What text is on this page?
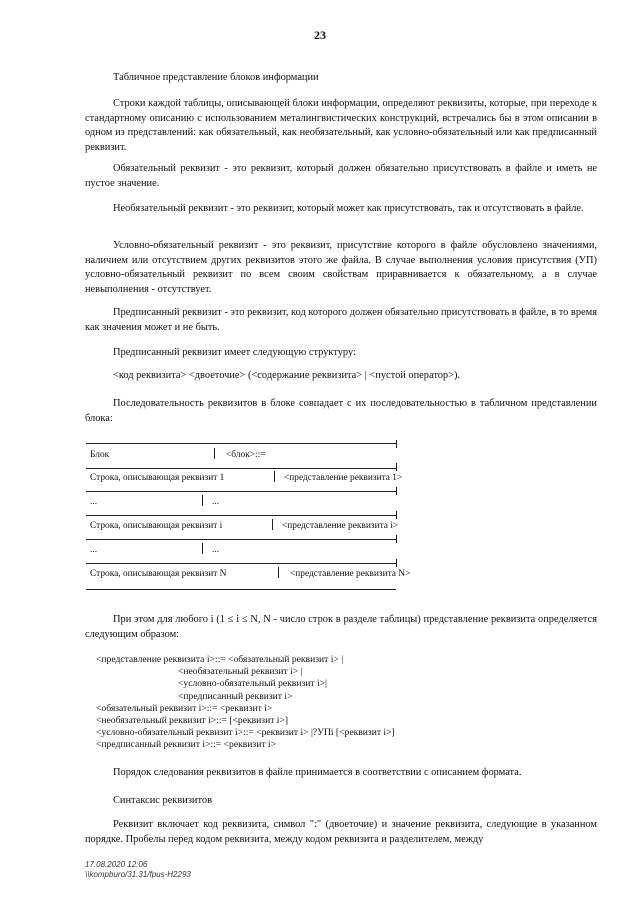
23
Табличное представление блоков информации
Строки каждой таблицы, описывающей блоки информации, определяют реквизиты, которые, при переходе к стандартному описанию с использованием металингвистических конструкций, встречались бы в этом описании в одном из представлений: как обязательный, как необязательный, как условно-обязательный или как предписанный реквизит.
Обязательный реквизит - это реквизит, который должен обязательно присутствовать в файле и иметь не пустое значение.
Необязательный реквизит - это реквизит, который может как присутствовать, так и отсутствовать в файле.
Условно-обязательный реквизит - это реквизит, присутствие которого в файле обусловлено значениями, наличием или отсутствием других реквизитов этого же файла. В случае выполнения условия присутствия (УП) условно-обязательный реквизит по всем своим свойствам приравнивается к обязательному, а в случае невыполнения - отсутствует.
Предписанный реквизит - это реквизит, код которого должен обязательно присутствовать в файле, в то время как значения может и не быть.
Предписанный реквизит имеет следующую структуру:
<код реквизита> <двоеточие> (<содержание реквизита> | <пустой оператор>).
Последовательность реквизитов в блоке совпадает с их последовательностью в табличном представлении блока:
Блок	<блок>::=
Строка, описывающая реквизит 1	<представление реквизита 1>
...	...
Строка, описывающая реквизит i	<представление реквизита i>
...	...
Строка, описывающая реквизит N	<представление реквизита N>
При этом для любого i (1 ≤ i ≤ N, N - число строк в разделе таблицы) представление реквизита определяется следующим образом:
<представление реквизита i>::= <обязательный реквизит i> |
<необязательный реквизит i> |
<условно-обязательный реквизит i>|
<предписанный реквизит i>
<обязательный реквизит i>::= <реквизит i>
<необязательный реквизит i>::= [<реквизит i>]
<условно-обязательный реквизит i>::= <реквизит i> |?УПi [<реквизит i>]
<предписанный реквизит i>::= <реквизит i>
Порядок следования реквизитов в файле принимается в соответствии с описанием формата.
Синтаксис реквизитов
Реквизит включает код реквизита, символ ":" (двоеточие) и значение реквизита, следующие в указанном порядке. Пробелы перед кодом реквизита, между кодом реквизита и разделителем, между
17.08.2020 12:06
\\kompburo/31.31/fpus-H2293
